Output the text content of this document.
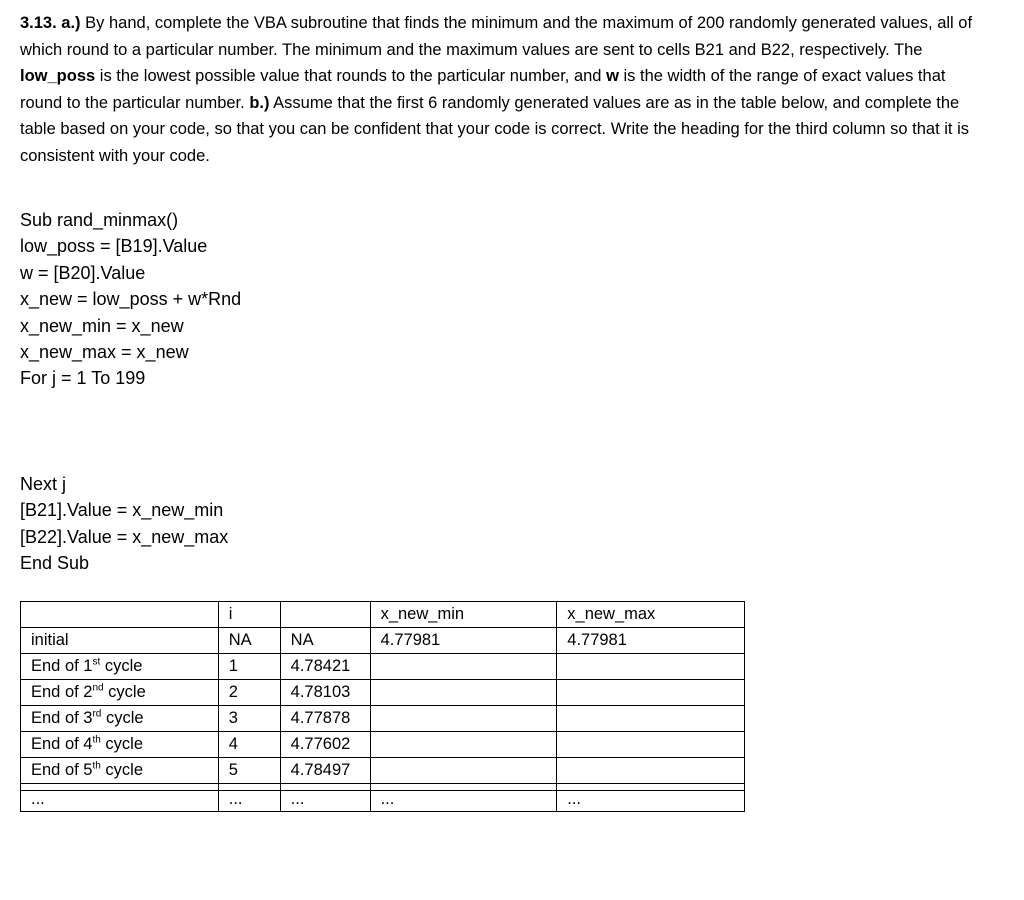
3.13. a.) By hand, complete the VBA subroutine that finds the minimum and the maximum of 200 randomly generated values, all of which round to a particular number. The minimum and the maximum values are sent to cells B21 and B22, respectively. The low_poss is the lowest possible value that rounds to the particular number, and w is the width of the range of exact values that round to the particular number. b.) Assume that the first 6 randomly generated values are as in the table below, and complete the table based on your code, so that you can be confident that your code is correct. Write the heading for the third column so that it is consistent with your code.
Sub rand_minmax()
low_poss = [B19].Value
w = [B20].Value
x_new = low_poss + w*Rnd
x_new_min = x_new
x_new_max = x_new
For j = 1 To 199
Next j
[B21].Value = x_new_min
[B22].Value = x_new_max
End Sub
	i		x_new_min	x_new_max
initial	NA	NA	4.77981	4.77981
End of 1st cycle	1	4.78421		
End of 2nd cycle	2	4.78103		
End of 3rd cycle	3	4.77878		
End of 4th cycle	4	4.77602		
End of 5th cycle	5	4.78497		

...	...	...	...	...
